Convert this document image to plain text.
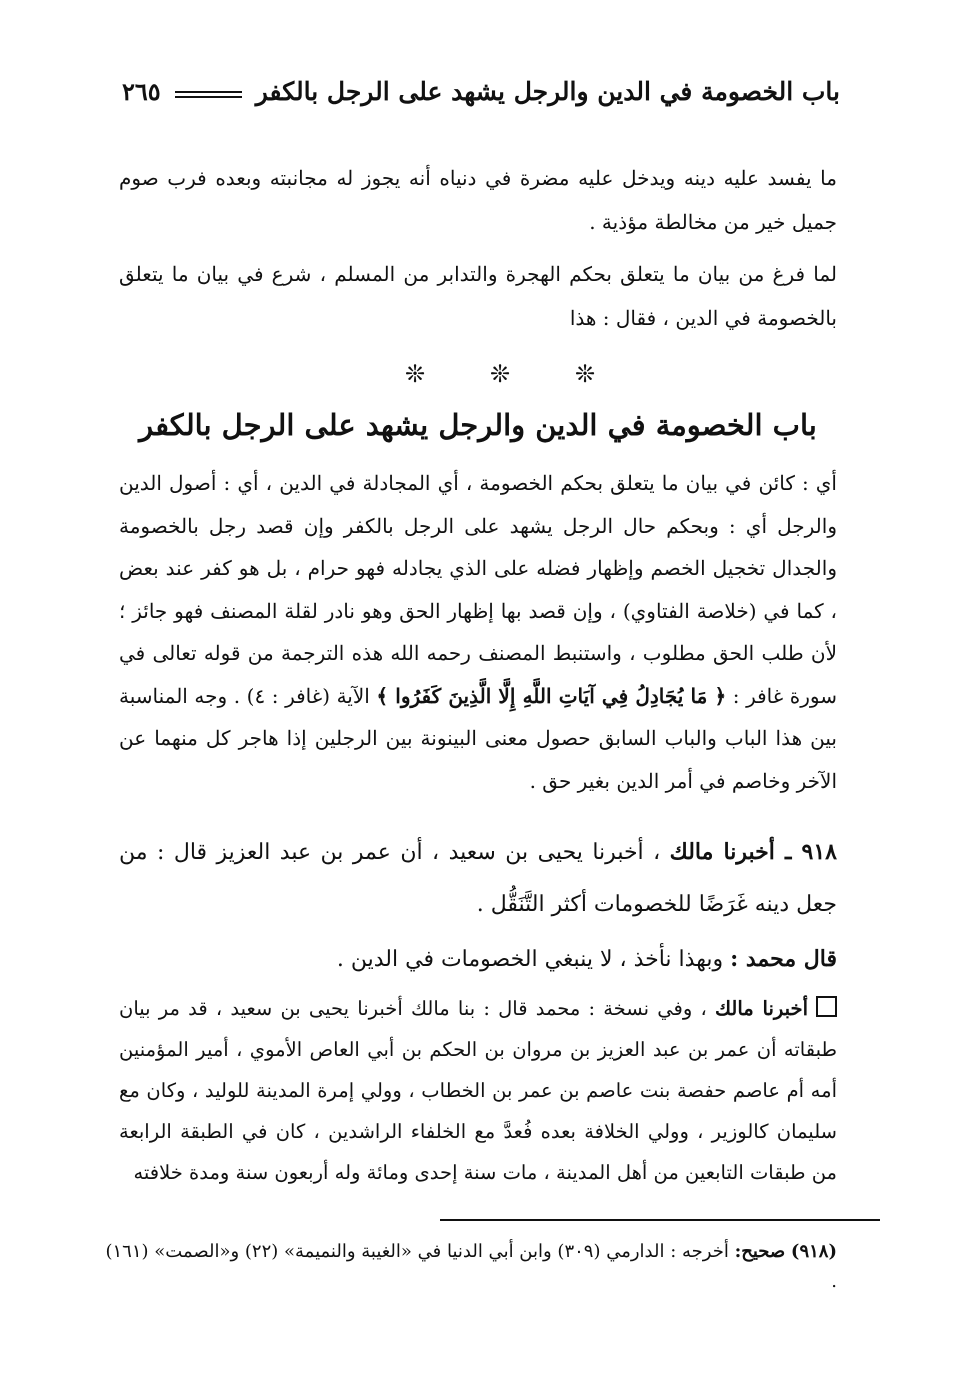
باب الخصومة في الدين والرجل يشهد على الرجل بالكفر
٢٦٥

ما يفسد عليه دينه ويدخل عليه مضرة في دنياه أنه يجوز له مجانبته وبعده فرب صوم جميل خير من مخالطة مؤذية .

لما فرغ من بيان ما يتعلق بحكم الهجرة والتدابر من المسلم ، شرع في بيان ما يتعلق بالخصومة في الدين ، فقال : هذا

❊	❊	❊
باب الخصومة في الدين والرجل يشهد على الرجل بالكفر

أي : كائن في بيان ما يتعلق بحكم الخصومة ، أي المجادلة في الدين ، أي : أصول الدين والرجل أي : وبحكم حال الرجل يشهد على الرجل بالكفر وإن قصد رجل بالخصومة والجدال تخجيل الخصم وإظهار فضله على الذي يجادله فهو حرام ، بل هو كفر عند بعض ، كما في (خلاصة الفتاوي) ، وإن قصد بها إظهار الحق وهو نادر لقلة المصنف فهو جائز ؛ لأن طلب الحق مطلوب ، واستنبط المصنف رحمه الله هذه الترجمة من قوله تعالى في سورة غافر : ﴿ مَا يُجَادِلُ فِي آيَاتِ اللَّهِ إِلَّا الَّذِينَ كَفَرُوا ﴾ الآية (غافر : ٤) . وجه المناسبة بين هذا الباب والباب السابق حصول معنى البينونة بين الرجلين إذا هاجر كل منهما عن الآخر وخاصم في أمر الدين بغير حق .

٩١٨ ـ أخبرنا مالك ، أخبرنا يحيى بن سعيد ، أن عمر بن عبد العزيز قال : من جعل دينه غَرَضًا للخصومات أكثر التَّنَقُّل .

قال محمد : وبهذا نأخذ ، لا ينبغي الخصومات في الدين .

أخبرنا مالك ، وفي نسخة : محمد قال : بنا مالك أخبرنا يحيى بن سعيد ، قد مر بيان طبقاته أن عمر بن عبد العزيز بن مروان بن الحكم بن أبي العاص الأموي ، أمير المؤمنين أمه أم عاصم حفصة بنت عاصم بن عمر بن الخطاب ، وولي إمرة المدينة للوليد ، وكان مع سليمان كالوزير ، وولي الخلافة بعده فُعدَّ مع الخلفاء الراشدين ، كان في الطبقة الرابعة من طبقات التابعين من أهل المدينة ، مات سنة إحدى ومائة وله أربعون سنة ومدة خلافته

(٩١٨) صحيح: أخرجه : الدارمي (٣٠٩) وابن أبي الدنيا في «الغيبة والنميمة» (٢٢) و«الصمت» (١٦١) .
